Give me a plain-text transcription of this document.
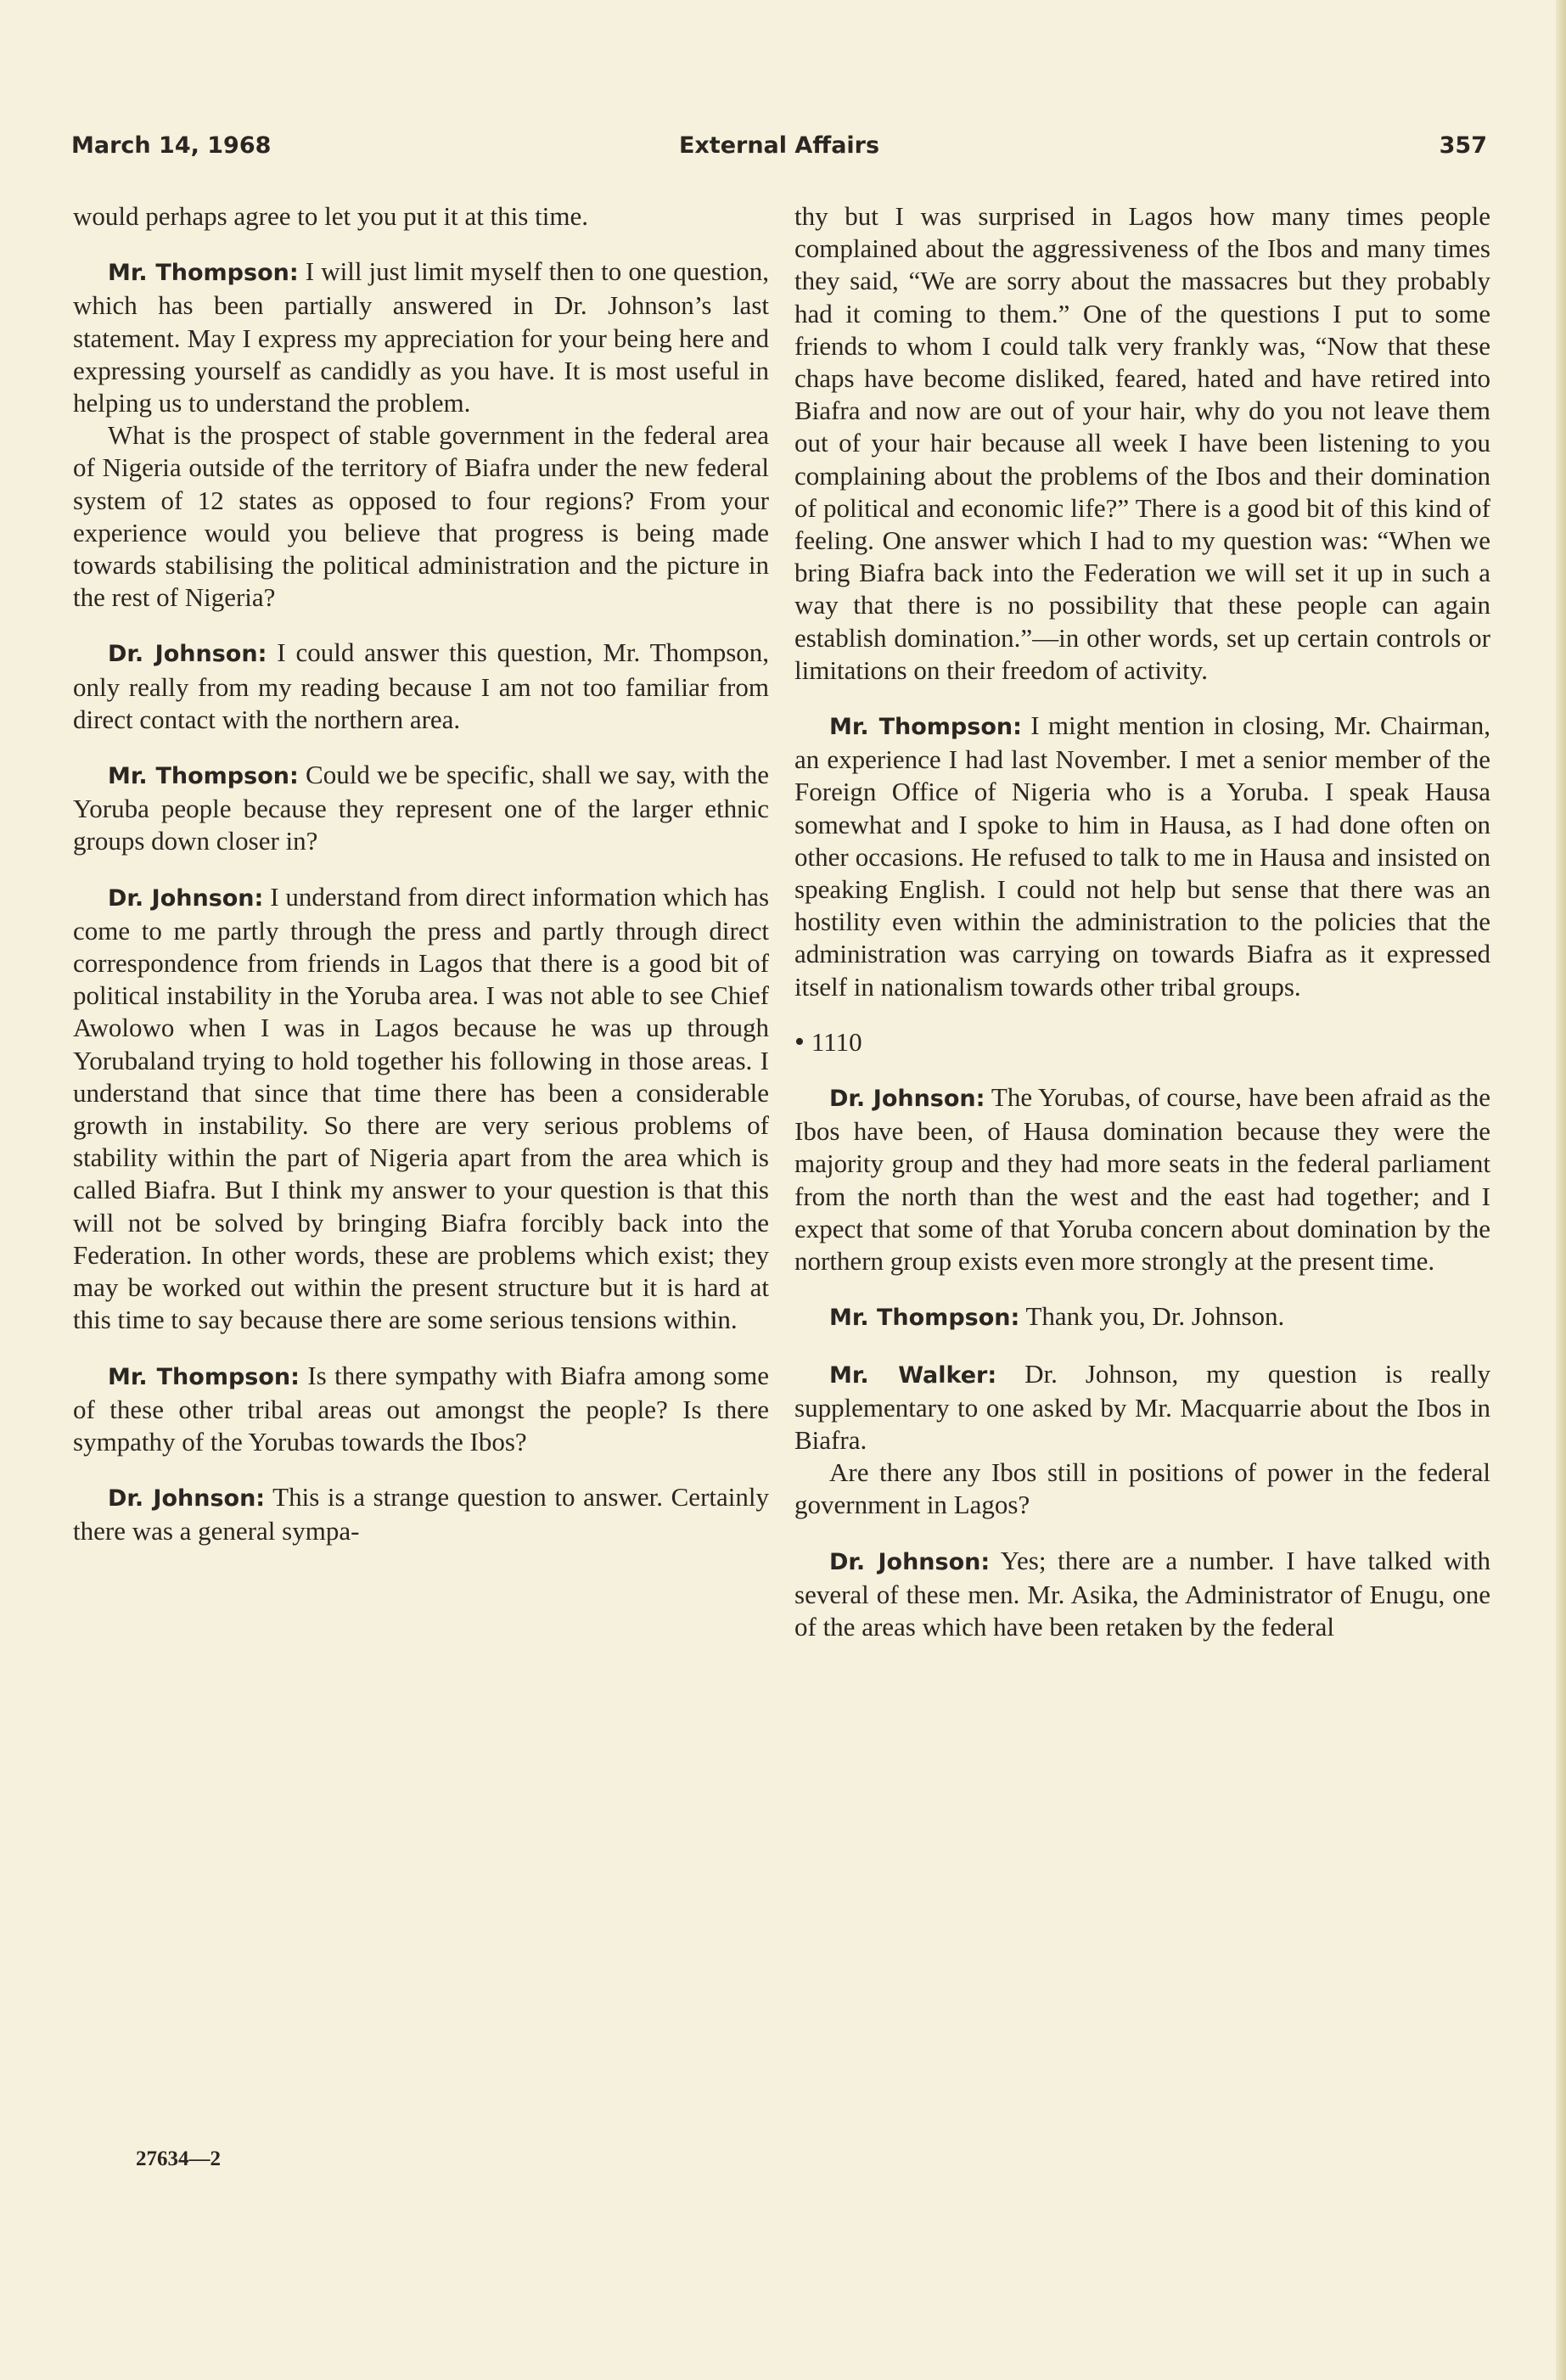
March 14, 1968	External Affairs	357

would perhaps agree to let you put it at this time.

Mr. Thompson: I will just limit myself then to one question, which has been partially answered in Dr. Johnson’s last statement. May I express my appreciation for your being here and expressing yourself as candidly as you have. It is most useful in helping us to understand the problem.

What is the prospect of stable government in the federal area of Nigeria outside of the territory of Biafra under the new federal system of 12 states as opposed to four regions? From your experience would you believe that progress is being made towards stabilising the political administration and the picture in the rest of Nigeria?

Dr. Johnson: I could answer this question, Mr. Thompson, only really from my reading because I am not too familiar from direct contact with the northern area.

Mr. Thompson: Could we be specific, shall we say, with the Yoruba people because they represent one of the larger ethnic groups down closer in?

Dr. Johnson: I understand from direct information which has come to me partly through the press and partly through direct correspondence from friends in Lagos that there is a good bit of political instability in the Yoruba area. I was not able to see Chief Awolowo when I was in Lagos because he was up through Yorubaland trying to hold together his following in those areas. I understand that since that time there has been a considerable growth in instability. So there are very serious problems of stability within the part of Nigeria apart from the area which is called Biafra. But I think my answer to your question is that this will not be solved by bringing Biafra forcibly back into the Federation. In other words, these are problems which exist; they may be worked out within the present structure but it is hard at this time to say because there are some serious tensions within.

Mr. Thompson: Is there sympathy with Biafra among some of these other tribal areas out amongst the people? Is there sympathy of the Yorubas towards the Ibos?

Dr. Johnson: This is a strange question to answer. Certainly there was a general sympa-

thy but I was surprised in Lagos how many times people complained about the aggressiveness of the Ibos and many times they said, “We are sorry about the massacres but they probably had it coming to them.” One of the questions I put to some friends to whom I could talk very frankly was, “Now that these chaps have become disliked, feared, hated and have retired into Biafra and now are out of your hair, why do you not leave them out of your hair because all week I have been listening to you complaining about the problems of the Ibos and their domination of political and economic life?” There is a good bit of this kind of feeling. One answer which I had to my question was: “When we bring Biafra back into the Federation we will set it up in such a way that there is no possibility that these people can again establish domination.”—in other words, set up certain controls or limitations on their freedom of activity.

Mr. Thompson: I might mention in closing, Mr. Chairman, an experience I had last November. I met a senior member of the Foreign Office of Nigeria who is a Yoruba. I speak Hausa somewhat and I spoke to him in Hausa, as I had done often on other occasions. He refused to talk to me in Hausa and insisted on speaking English. I could not help but sense that there was an hostility even within the administration to the policies that the administration was carrying on towards Biafra as it expressed itself in nationalism towards other tribal groups.

• 1110

Dr. Johnson: The Yorubas, of course, have been afraid as the Ibos have been, of Hausa domination because they were the majority group and they had more seats in the federal parliament from the north than the west and the east had together; and I expect that some of that Yoruba concern about domination by the northern group exists even more strongly at the present time.

Mr. Thompson: Thank you, Dr. Johnson.

Mr. Walker: Dr. Johnson, my question is really supplementary to one asked by Mr. Macquarrie about the Ibos in Biafra.

Are there any Ibos still in positions of power in the federal government in Lagos?

Dr. Johnson: Yes; there are a number. I have talked with several of these men. Mr. Asika, the Administrator of Enugu, one of the areas which have been retaken by the federal

27634—2
